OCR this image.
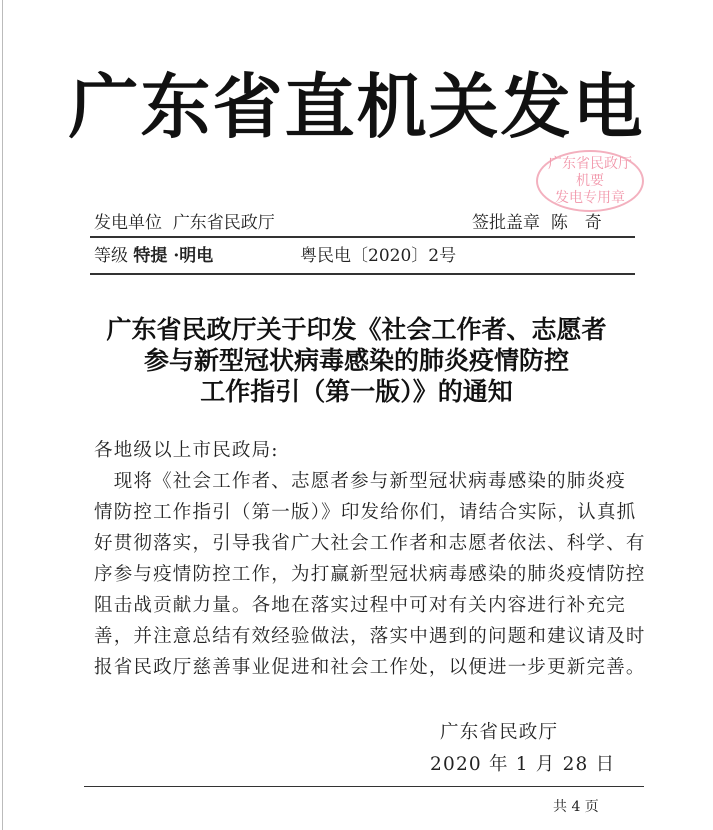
广东省直机关发电
广东省民政厅
机要
发电专用章
发电单位 广东省民政厅	签批盖章 陈　奇
等级 特提 ·明电	粤民电〔2020〕2号
广东省民政厅关于印发《社会工作者、志愿者
参与新型冠状病毒感染的肺炎疫情防控
工作指引（第一版）》的通知
各地级以上市民政局:
　现将《社会工作者、志愿者参与新型冠状病毒感染的肺炎疫
情防控工作指引（第一版）》印发给你们，请结合实际，认真抓
好贯彻落实，引导我省广大社会工作者和志愿者依法、科学、有
序参与疫情防控工作，为打赢新型冠状病毒感染的肺炎疫情防控
阻击战贡献力量。各地在落实过程中可对有关内容进行补充完
善，并注意总结有效经验做法，落实中遇到的问题和建议请及时
报省民政厅慈善事业促进和社会工作处，以便进一步更新完善。
广东省民政厅
2020 年 1 月 28 日
共 4 页
